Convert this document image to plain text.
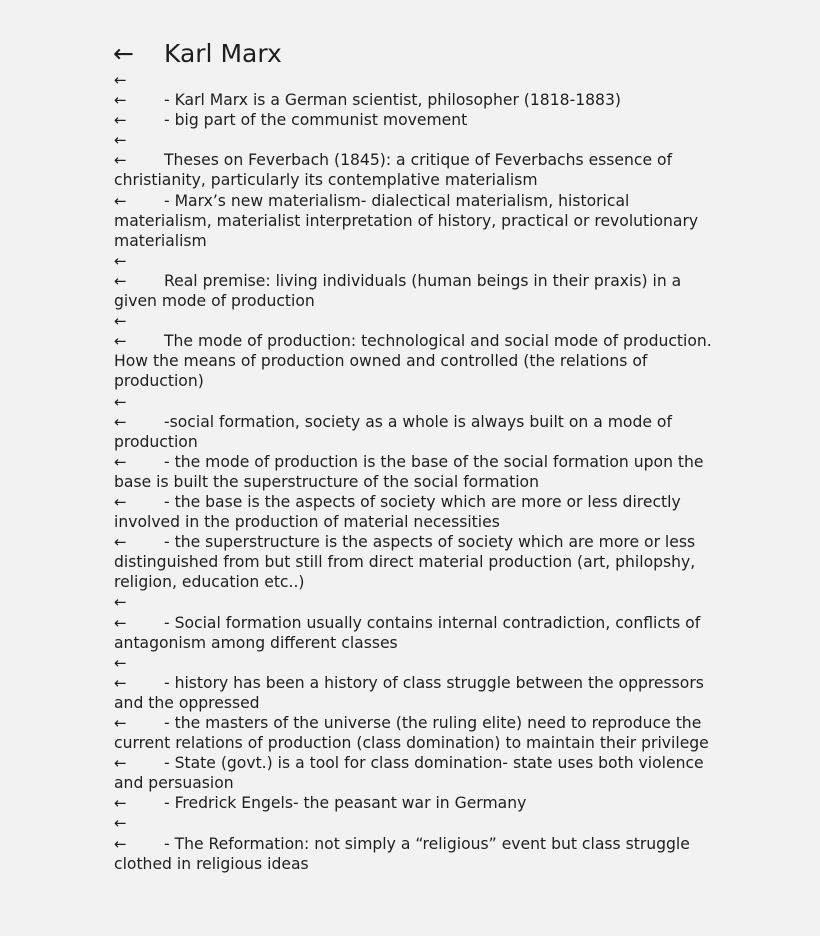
←	Karl Marx

←

← - Karl Marx is a German scientist, philosopher (1818-1883)

← - big part of the communist movement

←

← Theses on Feverbach (1845): a critique of Feverbachs essence of christianity, particularly its contemplative materialism

← - Marx’s new materialism- dialectical materialism, historical materialism, materialist interpretation of history, practical or revolutionary materialism

←

← Real premise: living individuals (human beings in their praxis) in a given mode of production

←

← The mode of production: technological and social mode of production. How the means of production owned and controlled (the relations of production)

←

← -social formation, society as a whole is always built on a mode of production

← - the mode of production is the base of the social formation upon the base is built the superstructure of the social formation

← - the base is the aspects of society which are more or less directly involved in the production of material necessities

← - the superstructure is the aspects of society which are more or less distinguished from but still from direct material production (art, philopshy, religion, education etc..)

←

← - Social formation usually contains internal contradiction, conflicts of antagonism among different classes

←

← - history has been a history of class struggle between the oppressors and the oppressed

← - the masters of the universe (the ruling elite) need to reproduce the current relations of production (class domination) to maintain their privilege

← - State (govt.) is a tool for class domination- state uses both violence and persuasion

← - Fredrick Engels- the peasant war in Germany

←

← - The Reformation: not simply a “religious” event but class struggle clothed in religious ideas
